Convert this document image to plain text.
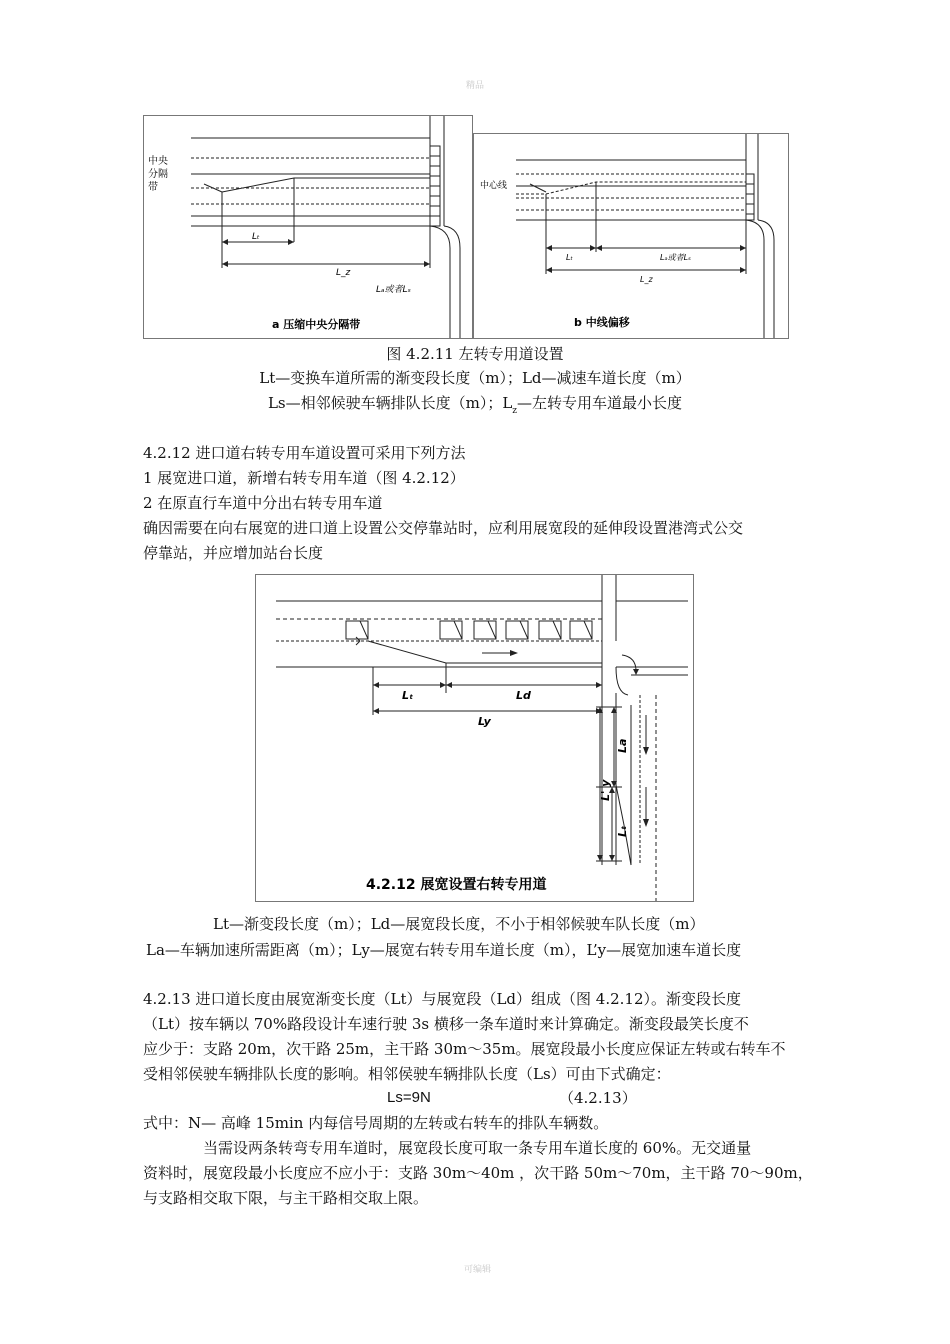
精品
中央
分隔
带
Lₜ
L_z
Lₐ或者Lₛ
a 压缩中央分隔带
中心线
Lₜ	Lₐ或者Lₛ
L_z
b 中线偏移
图 4.2.11 左转专用道设置
Lt—变换车道所需的渐变段长度（m）；Ld—减速车道长度（m）
Ls—相邻候驶车辆排队长度（m）；$L_z—$左转专用车道最小长度
4.2.12 进口道右转专用车道设置可采用下列方法
1 展宽进口道，新增右转专用车道（图 4.2.12）
2 在原直行车道中分出右转专用车道
确因需要在向右展宽的进口道上设置公交停靠站时，应利用展宽段的延伸段设置港湾式公交
停靠站，并应增加站台长度
Lₜ	Ld
Ly
La
L' y
Lₜ
4.2.12 展宽设置右转专用道
Lt—渐变段长度（m）；Ld—展宽段长度，不小于相邻候驶车队长度（m）
La—车辆加速所需距离（m）；Ly—展宽右转专用车道长度（m），L’y—展宽加速车道长度
4.2.13 进口道长度由展宽渐变长度（Lt）与展宽段（Ld）组成（图 4.2.12）。渐变段长度
（Lt）按车辆以 70%路段设计车速行驶 3s 横移一条车道时来计算确定。渐变段最笑长度不
应少于：支路 20m，次干路 25m，主干路 30m～35m。展宽段最小长度应保证左转或右转车不
受相邻侯驶车辆排队长度的影响。相邻侯驶车辆排队长度（Ls）可由下式确定：
Ls=9N	（4.2.13）
式中：N— 高峰 15min 内每信号周期的左转或右转车的排队车辆数。
当需设两条转弯专用车道时，展宽段长度可取一条专用车道长度的 60%。无交通量
资料时，展宽段最小长度应不应小于：支路 30m～40m ，次干路 50m～70m，主干路 70～90m，
与支路相交取下限，与主干路相交取上限。
可编辑
